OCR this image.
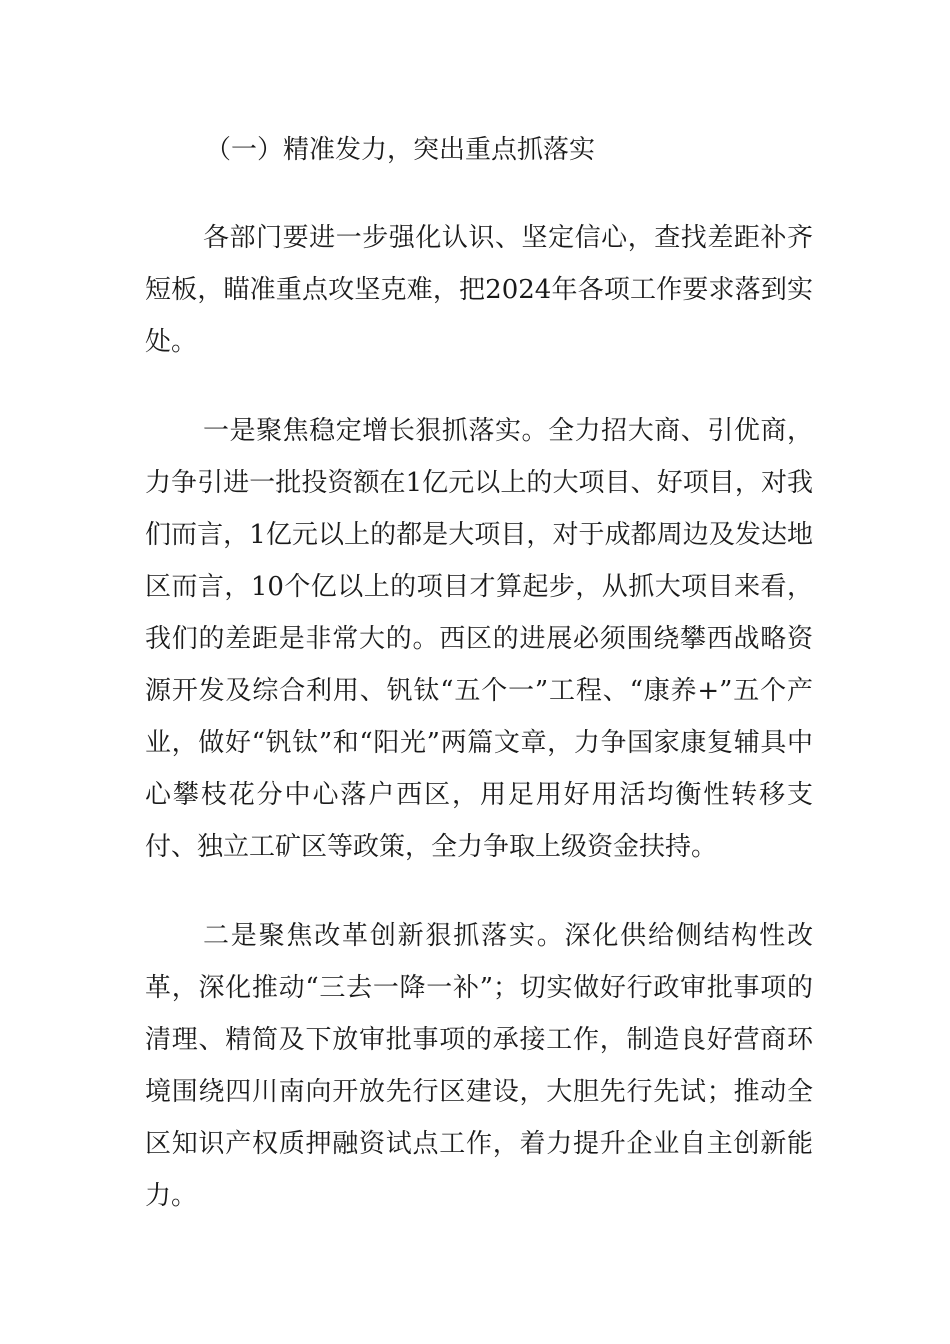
（一）精准发力，突出重点抓落实

各部门要进一步强化认识、坚定信心，查找差距补齐短板，瞄准重点攻坚克难，把2024年各项工作要求落到实处。

一是聚焦稳定增长狠抓落实。全力招大商、引优商，力争引进一批投资额在1亿元以上的大项目、好项目，对我们而言，1亿元以上的都是大项目，对于成都周边及发达地区而言，10个亿以上的项目才算起步，从抓大项目来看，我们的差距是非常大的。西区的进展必须围绕攀西战略资源开发及综合利用、钒钛“五个一”工程、“康养+”五个产业，做好“钒钛”和“阳光”两篇文章，力争国家康复辅具中心攀枝花分中心落户西区，用足用好用活均衡性转移支付、独立工矿区等政策，全力争取上级资金扶持。

二是聚焦改革创新狠抓落实。深化供给侧结构性改革，深化推动“三去一降一补”；切实做好行政审批事项的清理、精简及下放审批事项的承接工作，制造良好营商环境围绕四川南向开放先行区建设，大胆先行先试；推动全区知识产权质押融资试点工作，着力提升企业自主创新能力。
